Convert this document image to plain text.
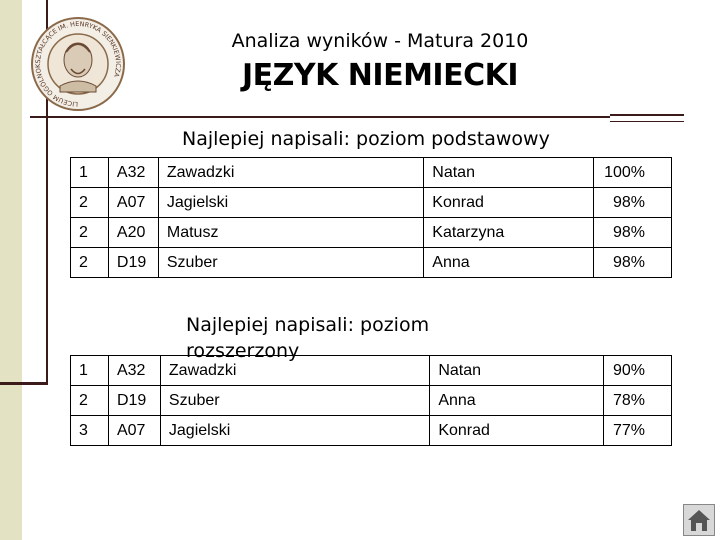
LICEUM OGÓLNOKSZTAŁCĄCE IM. HENRYKA SIENKIEWICZA
Analiza wyników - Matura 2010
JĘZYK NIEMIECKI
Najlepiej napisali: poziom podstawowy
1	A32	Zawadzki	Natan	100%
2	A07	Jagielski	Konrad	98%
2	A20	Matusz	Katarzyna	98%
2	D19	Szuber	Anna	98%
1	A32	Zawadzki	Natan	90%
2	D19	Szuber	Anna	78%
3	A07	Jagielski	Konrad	77%
Najlepiej napisali: poziom rozszerzony
